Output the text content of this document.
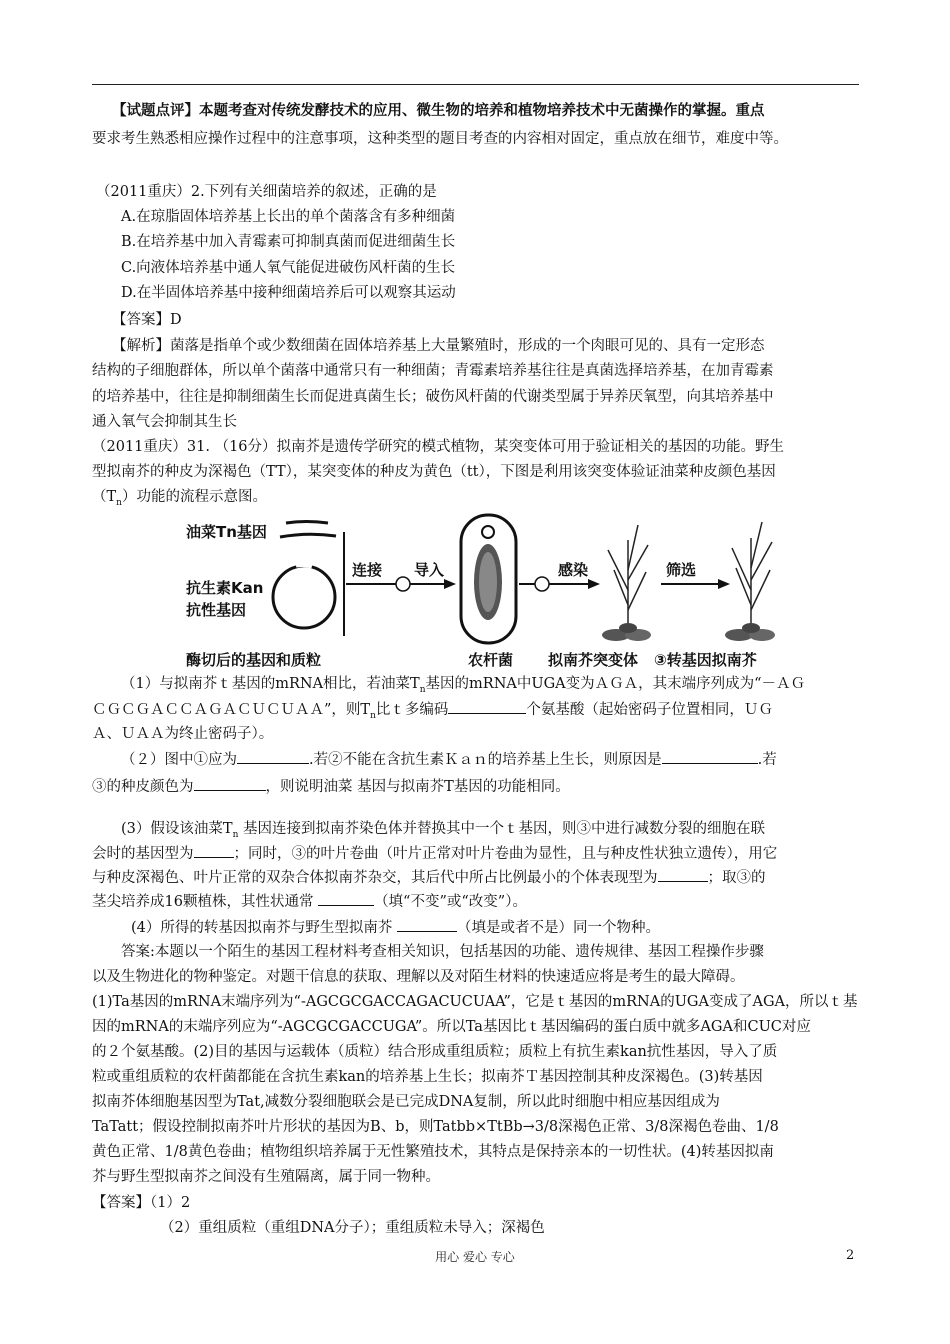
【试题点评】本题考查对传统发酵技术的应用、微生物的培养和植物培养技术中无菌操作的掌握。重点
要求考生熟悉相应操作过程中的注意事项，这种类型的题目考查的内容相对固定，重点放在细节，难度中等。
（2011重庆）2.下列有关细菌培养的叙述，正确的是
A.在琼脂固体培养基上长出的单个菌落含有多种细菌
B.在培养基中加入青霉素可抑制真菌而促进细菌生长
C.向液体培养基中通人氧气能促进破伤风杆菌的生长
D.在半固体培养基中接种细菌培养后可以观察其运动
【答案】D
【解析】菌落是指单个或少数细菌在固体培养基上大量繁殖时，形成的一个肉眼可见的、具有一定形态
结构的子细胞群体，所以单个菌落中通常只有一种细菌；青霉素培养基往往是真菌选择培养基，在加青霉素
的培养基中，往往是抑制细菌生长而促进真菌生长；破伤风杆菌的代谢类型属于异养厌氧型，向其培养基中
通入氧气会抑制其生长
（2011重庆）31. （16分）拟南芥是遗传学研究的模式植物，某突变体可用于验证相关的基因的功能。野生
型拟南芥的种皮为深褐色（TT），某突变体的种皮为黄色（tt），下图是利用该突变体验证油菜种皮颜色基因
$(T_n)$功能的流程示意图。
油菜Tn基因
抗生素Kan
抗性基因
酶切后的基因和质粒
连接 导入
农杆菌
感染	筛选
拟南芥突变体 ③转基因拟南芥
（1）与拟南芥ｔ基因的mRNA相比，若油菜$T_n$基因的mRNA中UGA变为ＡＧＡ，其末端序列成为“－ＡＧ
ＣＧＣＧＡＣＣＡＧＡＣＵＣＵＡＡ”，则$T_n$比ｔ多编码	个氨基酸（起始密码子位置相同，ＵＧ
Ａ、ＵＡＡ为终止密码子）。
（２）图中①应为	.若②不能在含抗生素Ｋａｎ的培养基上生长，则原因是	.若
③的种皮颜色为	，则说明油菜 基因与拟南芥T基因的功能相同。
(3）假设该油菜$T_n$ 基因连接到拟南芥染色体并替换其中一个ｔ基因，则③中进行减数分裂的细胞在联
会时的基因型为	；同时，③的叶片卷曲（叶片正常对叶片卷曲为显性，且与种皮性状独立遗传），用它
与种皮深褐色、叶片正常的双杂合体拟南芥杂交，其后代中所占比例最小的个体表现型为	；取③的
茎尖培养成16颗植株，其性状通常	（填“不变”或“改变”）。
(4）所得的转基因拟南芥与野生型拟南芥	（填是或者不是）同一个物种。
答案:本题以一个陌生的基因工程材料考查相关知识，包括基因的功能、遗传规律、基因工程操作步骤
以及生物进化的物种鉴定。对题干信息的获取、理解以及对陌生材料的快速适应将是考生的最大障碍。
(1)Ta基因的mRNA末端序列为“-AGCGCGACCAGACUCUAA”，它是ｔ基因的mRNA的UGA变成了AGA，所以ｔ基
因的mRNA的末端序列应为“-AGCGCGACCUGA”。所以Ta基因比ｔ基因编码的蛋白质中就多AGA和CUC对应
的２个氨基酸。(2)目的基因与运载体（质粒）结合形成重组质粒；质粒上有抗生素kan抗性基因，导入了质
粒或重组质粒的农杆菌都能在含抗生素kan的培养基上生长；拟南芥Ｔ基因控制其种皮深褐色。(3)转基因
拟南芥体细胞基因型为Tat,减数分裂细胞联会是已完成DNA复制，所以此时细胞中相应基因组成为
TaTatt；假设控制拟南芥叶片形状的基因为B、b，则Tatbb×TtBb→3/8深褐色正常、3/8深褐色卷曲、1/8
黄色正常、1/8黄色卷曲；植物组织培养属于无性繁殖技术，其特点是保持亲本的一切性状。(4)转基因拟南
芥与野生型拟南芥之间没有生殖隔离，属于同一物种。
【答案】（1）2
（2）重组质粒（重组DNA分子）；重组质粒未导入；深褐色
用心 爱心 专心	2
